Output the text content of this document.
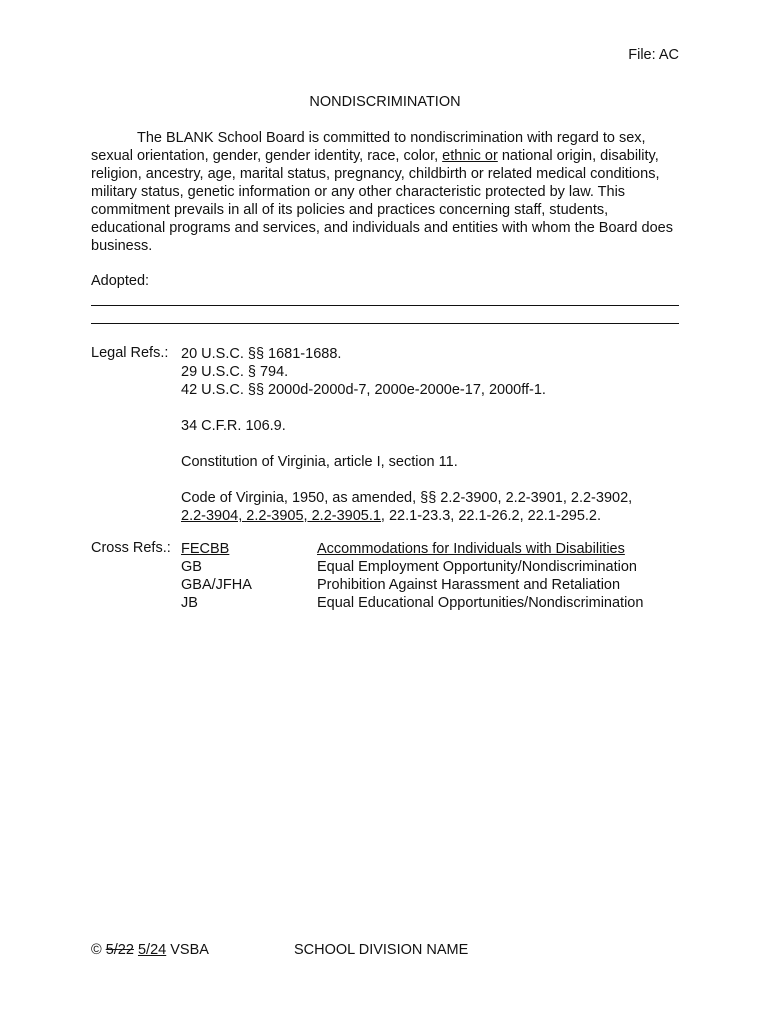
File: AC
NONDISCRIMINATION

The BLANK School Board is committed to nondiscrimination with regard to sex, sexual orientation, gender, gender identity, race, color, ethnic or national origin, disability, religion, ancestry, age, marital status, pregnancy, childbirth or related medical conditions, military status, genetic information or any other characteristic protected by law. This commitment prevails in all of its policies and practices concerning staff, students, educational programs and services, and individuals and entities with whom the Board does business.

Adopted:
Legal Refs.: 20 U.S.C. §§ 1681-1688.
29 U.S.C. § 794.
42 U.S.C. §§ 2000d-2000d-7, 2000e-2000e-17, 2000ff-1.
34 C.F.R. 106.9.
Constitution of Virginia, article I, section 11.
Code of Virginia, 1950, as amended, §§ 2.2-3900, 2.2-3901, 2.2-3902,
2.2-3904, 2.2-3905, 2.2-3905.1, 22.1-23.3, 22.1-26.2, 22.1-295.2.
Cross Refs.: FECBB	Accommodations for Individuals with Disabilities
GB	Equal Employment Opportunity/Nondiscrimination
GBA/JFHA	Prohibition Against Harassment and Retaliation
JB	Equal Educational Opportunities/Nondiscrimination
© 5/22 5/24 VSBA	SCHOOL DIVISION NAME
